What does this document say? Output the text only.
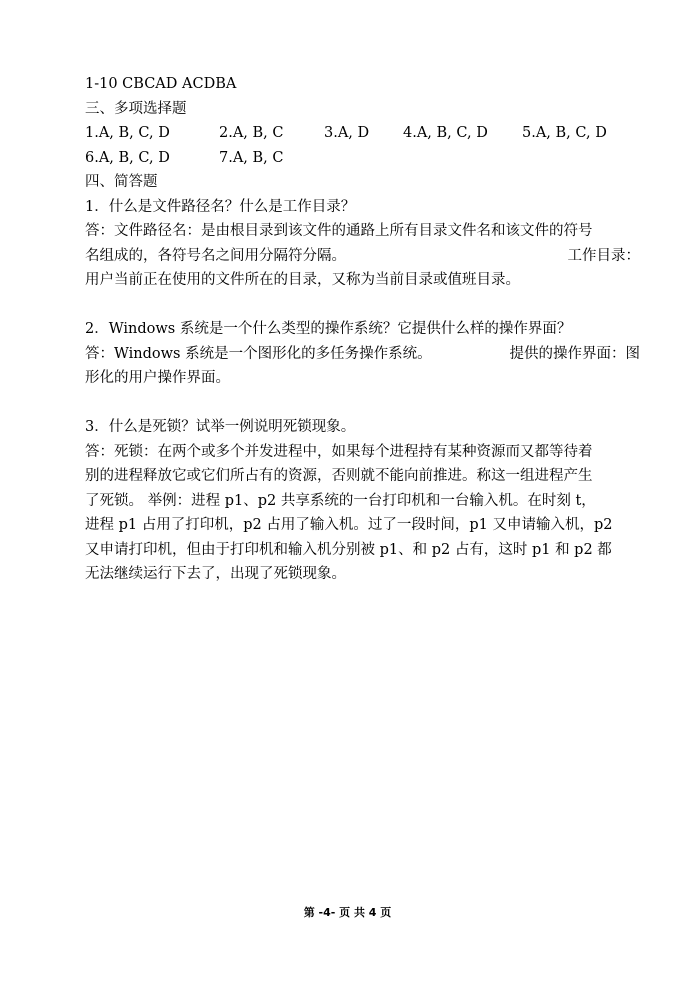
1-10 CBCAD ACDBA
三、多项选择题
1.A, B, C, D	2.A, B, C	3.A, D 4.A, B, C, D 5.A, B, C, D
6.A, B, C, D	7.A, B, C
四、简答题
1．什么是文件路径名？什么是工作目录？
答：文件路径名：是由根目录到该文件的通路上所有目录文件名和该文件的符号
名组成的，各符号名之间用分隔符分隔。	工作目录：
用户当前正在使用的文件所在的目录，又称为当前目录或值班目录。
2．Windows 系统是一个什么类型的操作系统？它提供什么样的操作界面？
答：Windows 系统是一个图形化的多任务操作系统。	提供的操作界面：图
形化的用户操作界面。
3．什么是死锁？试举一例说明死锁现象。
答：死锁：在两个或多个并发进程中，如果每个进程持有某种资源而又都等待着
别的进程释放它或它们所占有的资源，否则就不能向前推进。称这一组进程产生
了死锁。 举例：进程 p1、p2 共享系统的一台打印机和一台输入机。在时刻 t，
进程 p1 占用了打印机，p2 占用了输入机。过了一段时间，p1 又申请输入机，p2
又申请打印机，但由于打印机和输入机分别被 p1、和 p2 占有，这时 p1 和 p2 都
无法继续运行下去了，出现了死锁现象。
第 -4- 页 共 4 页
